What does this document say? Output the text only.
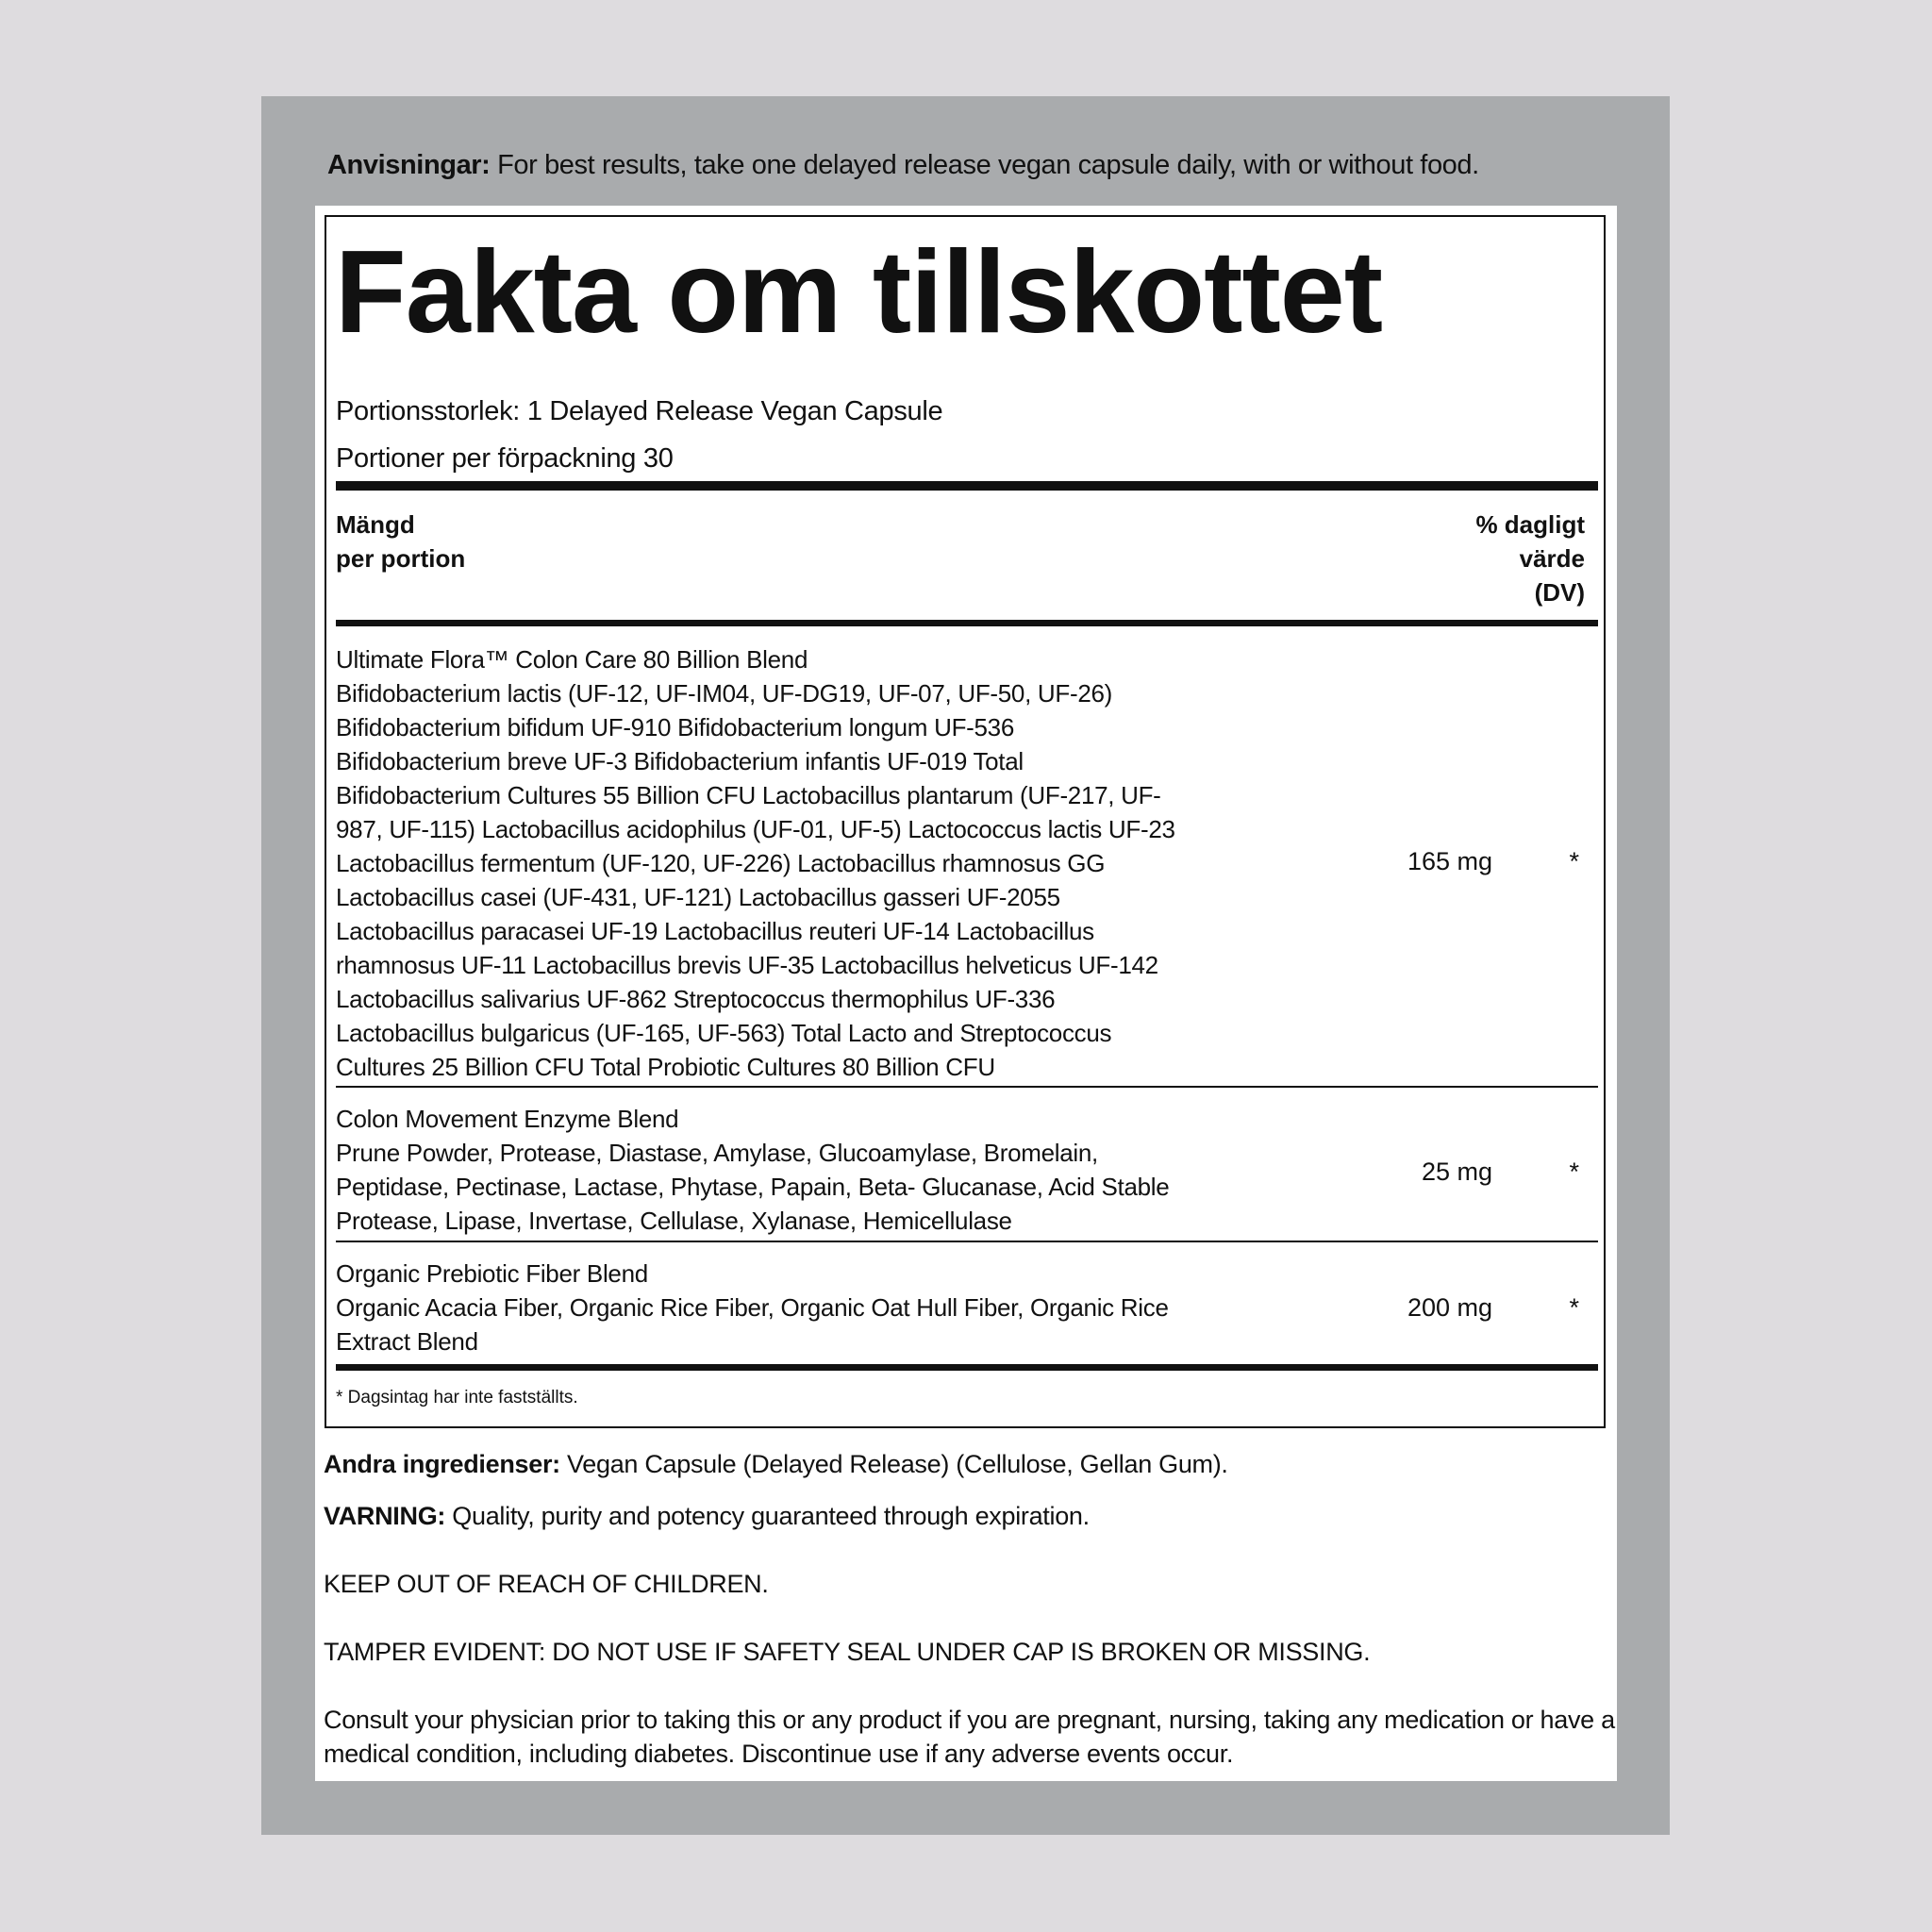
Anvisningar: For best results, take one delayed release vegan capsule daily, with or without food.
Fakta om tillskottet
Portionsstorlek: 1 Delayed Release Vegan Capsule
Portioner per förpackning 30
Mängd
per portion
% dagligt
värde
(DV)
Ultimate Flora™ Colon Care 80 Billion Blend
Bifidobacterium lactis (UF-12, UF-IM04, UF-DG19, UF-07, UF-50, UF-26)
Bifidobacterium bifidum UF-910 Bifidobacterium longum UF-536
Bifidobacterium breve UF-3 Bifidobacterium infantis UF-019 Total
Bifidobacterium Cultures 55 Billion CFU Lactobacillus plantarum (UF-217, UF-
987, UF-115) Lactobacillus acidophilus (UF-01, UF-5) Lactococcus lactis UF-23
Lactobacillus fermentum (UF-120, UF-226) Lactobacillus rhamnosus GG
Lactobacillus casei (UF-431, UF-121) Lactobacillus gasseri UF-2055
Lactobacillus paracasei UF-19 Lactobacillus reuteri UF-14 Lactobacillus
rhamnosus UF-11 Lactobacillus brevis UF-35 Lactobacillus helveticus UF-142
Lactobacillus salivarius UF-862 Streptococcus thermophilus UF-336
Lactobacillus bulgaricus (UF-165, UF-563) Total Lacto and Streptococcus
Cultures 25 Billion CFU Total Probiotic Cultures 80 Billion CFU
165 mg	*
Colon Movement Enzyme Blend
Prune Powder, Protease, Diastase, Amylase, Glucoamylase, Bromelain,
Peptidase, Pectinase, Lactase, Phytase, Papain, Beta- Glucanase, Acid Stable
Protease, Lipase, Invertase, Cellulase, Xylanase, Hemicellulase
25 mg	*
Organic Prebiotic Fiber Blend
Organic Acacia Fiber, Organic Rice Fiber, Organic Oat Hull Fiber, Organic Rice
Extract Blend
200 mg	*
* Dagsintag har inte fastställts.
Andra ingredienser: Vegan Capsule (Delayed Release) (Cellulose, Gellan Gum).
VARNING: Quality, purity and potency guaranteed through expiration.
KEEP OUT OF REACH OF CHILDREN.
TAMPER EVIDENT: DO NOT USE IF SAFETY SEAL UNDER CAP IS BROKEN OR MISSING.
Consult your physician prior to taking this or any product if you are pregnant, nursing, taking any medication or have a
medical condition, including diabetes. Discontinue use if any adverse events occur.
